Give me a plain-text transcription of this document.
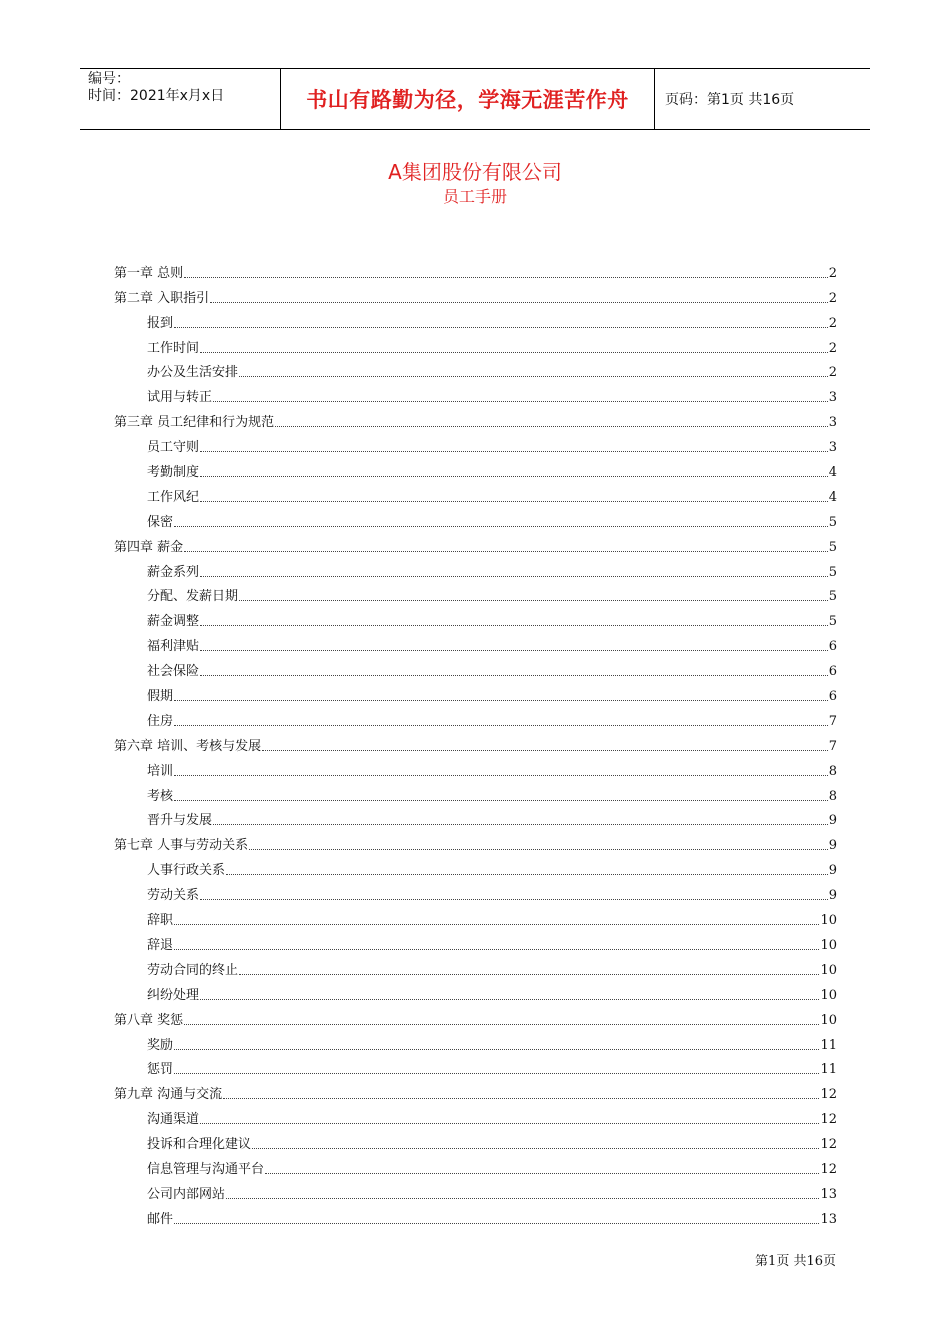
编号：
时间：2021年x月x日	书山有路勤为径，学海无涯苦作舟	页码：第1页 共16页
A集团股份有限公司
员工手册
第一章 总则	2
第二章 入职指引	2
报到	2
工作时间	2
办公及生活安排	2
试用与转正	3
第三章 员工纪律和行为规范	3
员工守则	3
考勤制度	4
工作风纪	4
保密	5
第四章 薪金	5
薪金系列	5
分配、发薪日期	5
薪金调整	5
福利津贴	6
社会保险	6
假期	6
住房	7
第六章 培训、考核与发展	7
培训	8
考核	8
晋升与发展	9
第七章 人事与劳动关系	9
人事行政关系	9
劳动关系	9
辞职	10
辞退	10
劳动合同的终止	10
纠纷处理	10
第八章 奖惩	10
奖励	11
惩罚	11
第九章 沟通与交流	12
沟通渠道	12
投诉和合理化建议	12
信息管理与沟通平台	12
公司内部网站	13
邮件	13
第1页 共16页
